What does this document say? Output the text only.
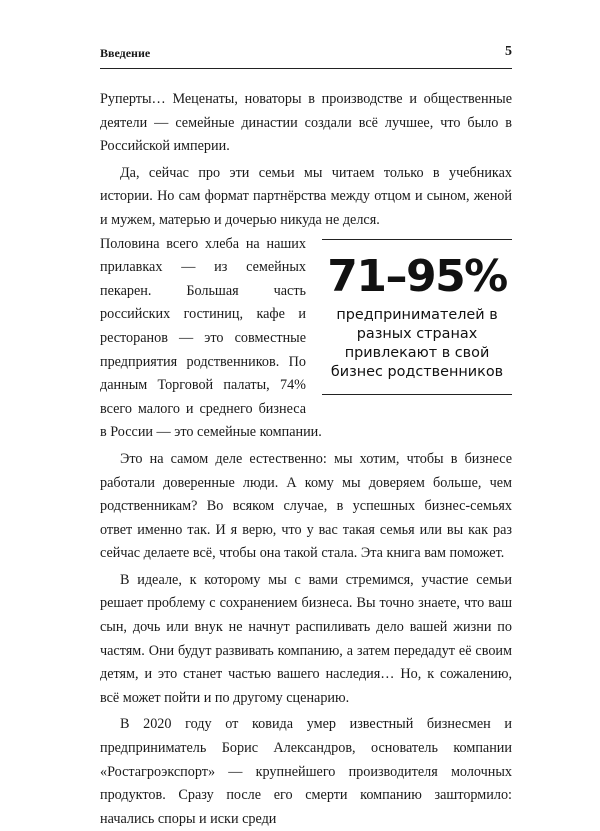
Введение	5

Руперты… Меценаты, новаторы в производстве и общественные деятели — семейные династии создали всё лучшее, что было в Российской империи.

Да, сейчас про эти семьи мы читаем только в учебниках истории. Но сам формат партнёрства между отцом и сыном, женой и мужем, матерью и дочерью никуда не делся.

71–95%
предпринимателей в разных странах привлекают в свой бизнес родственников

Половина всего хлеба на наших прилавках — из семейных пекарен. Большая часть российских гостиниц, кафе и ресторанов — это совместные предприятия родственников. По данным Торговой палаты, 74% всего малого и среднего бизнеса в России — это семейные компании.

Это на самом деле естественно: мы хотим, чтобы в бизнесе работали доверенные люди. А кому мы доверяем больше, чем родственникам? Во всяком случае, в успешных бизнес-семьях ответ именно так. И я верю, что у вас такая семья или вы как раз сейчас делаете всё, чтобы она такой стала. Эта книга вам поможет.

В идеале, к которому мы с вами стремимся, участие семьи решает проблему с сохранением бизнеса. Вы точно знаете, что ваш сын, дочь или внук не начнут распиливать дело вашей жизни по частям. Они будут развивать компанию, а затем передадут её своим детям, и это станет частью вашего наследия… Но, к сожалению, всё может пойти и по другому сценарию.

В 2020 году от ковида умер известный бизнесмен и предприниматель Борис Александров, основатель компании «Ростагроэкспорт» — крупнейшего производителя молочных продуктов. Сразу после его смерти компанию заштормило: начались споры и иски среди
